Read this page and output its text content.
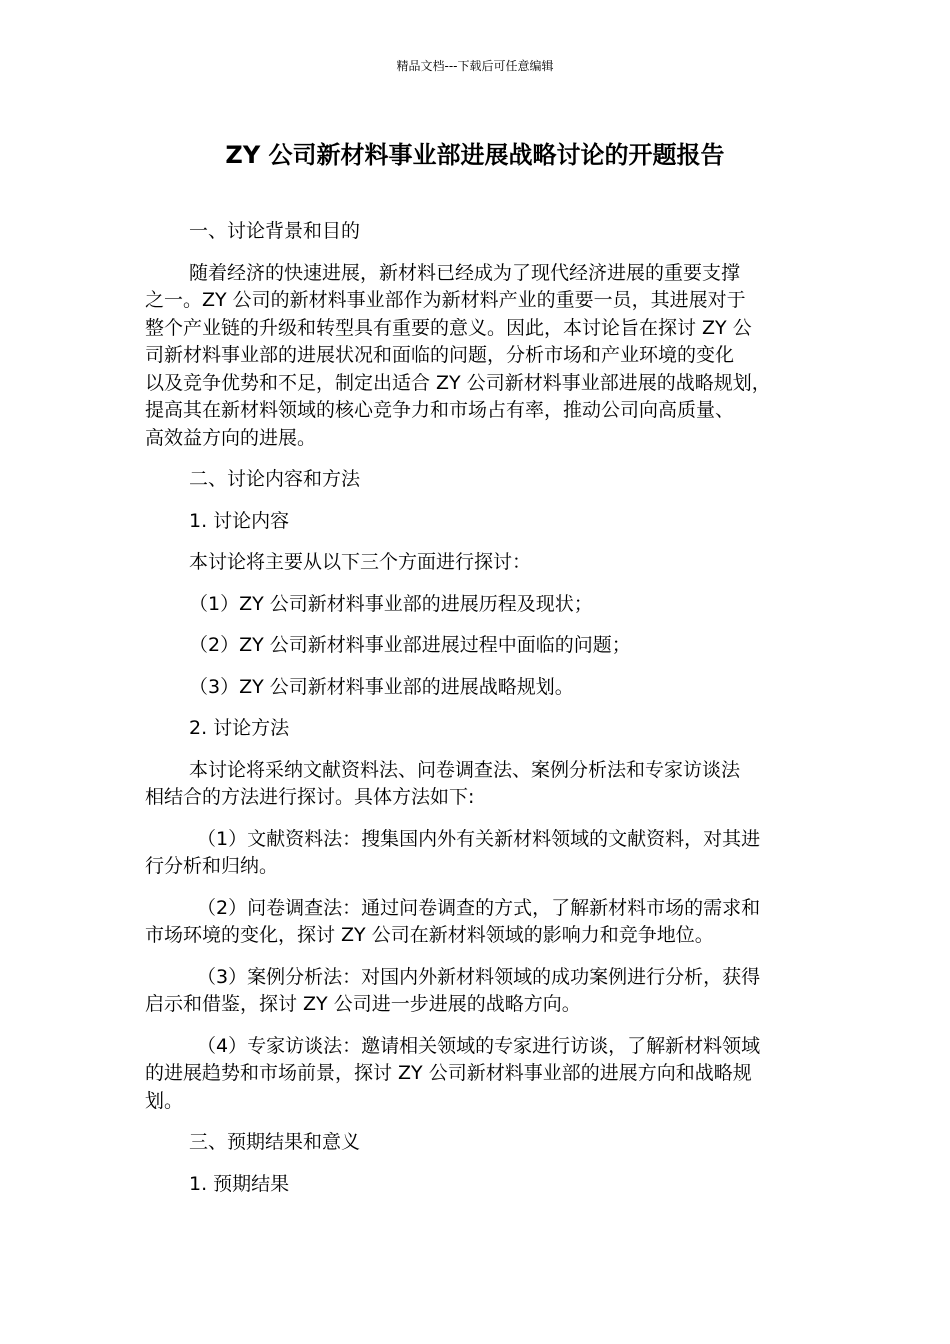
精品文档---下载后可任意编辑
ZY 公司新材料事业部进展战略讨论的开题报告
一、讨论背景和目的
随着经济的快速进展，新材料已经成为了现代经济进展的重要支撑
之一。ZY 公司的新材料事业部作为新材料产业的重要一员，其进展对于
整个产业链的升级和转型具有重要的意义。因此，本讨论旨在探讨 ZY 公
司新材料事业部的进展状况和面临的问题，分析市场和产业环境的变化
以及竞争优势和不足，制定出适合 ZY 公司新材料事业部进展的战略规划，
提高其在新材料领域的核心竞争力和市场占有率，推动公司向高质量、
高效益方向的进展。
二、讨论内容和方法
1. 讨论内容
本讨论将主要从以下三个方面进行探讨：
（1）ZY 公司新材料事业部的进展历程及现状；
（2）ZY 公司新材料事业部进展过程中面临的问题；
（3）ZY 公司新材料事业部的进展战略规划。
2. 讨论方法
本讨论将采纳文献资料法、问卷调查法、案例分析法和专家访谈法
相结合的方法进行探讨。具体方法如下:
（1）文献资料法：搜集国内外有关新材料领域的文献资料，对其进
行分析和归纳。
（2）问卷调查法：通过问卷调查的方式，了解新材料市场的需求和
市场环境的变化，探讨 ZY 公司在新材料领域的影响力和竞争地位。
（3）案例分析法：对国内外新材料领域的成功案例进行分析，获得
启示和借鉴，探讨 ZY 公司进一步进展的战略方向。
（4）专家访谈法：邀请相关领域的专家进行访谈，了解新材料领域
的进展趋势和市场前景，探讨 ZY 公司新材料事业部的进展方向和战略规
划。
三、预期结果和意义
1. 预期结果
